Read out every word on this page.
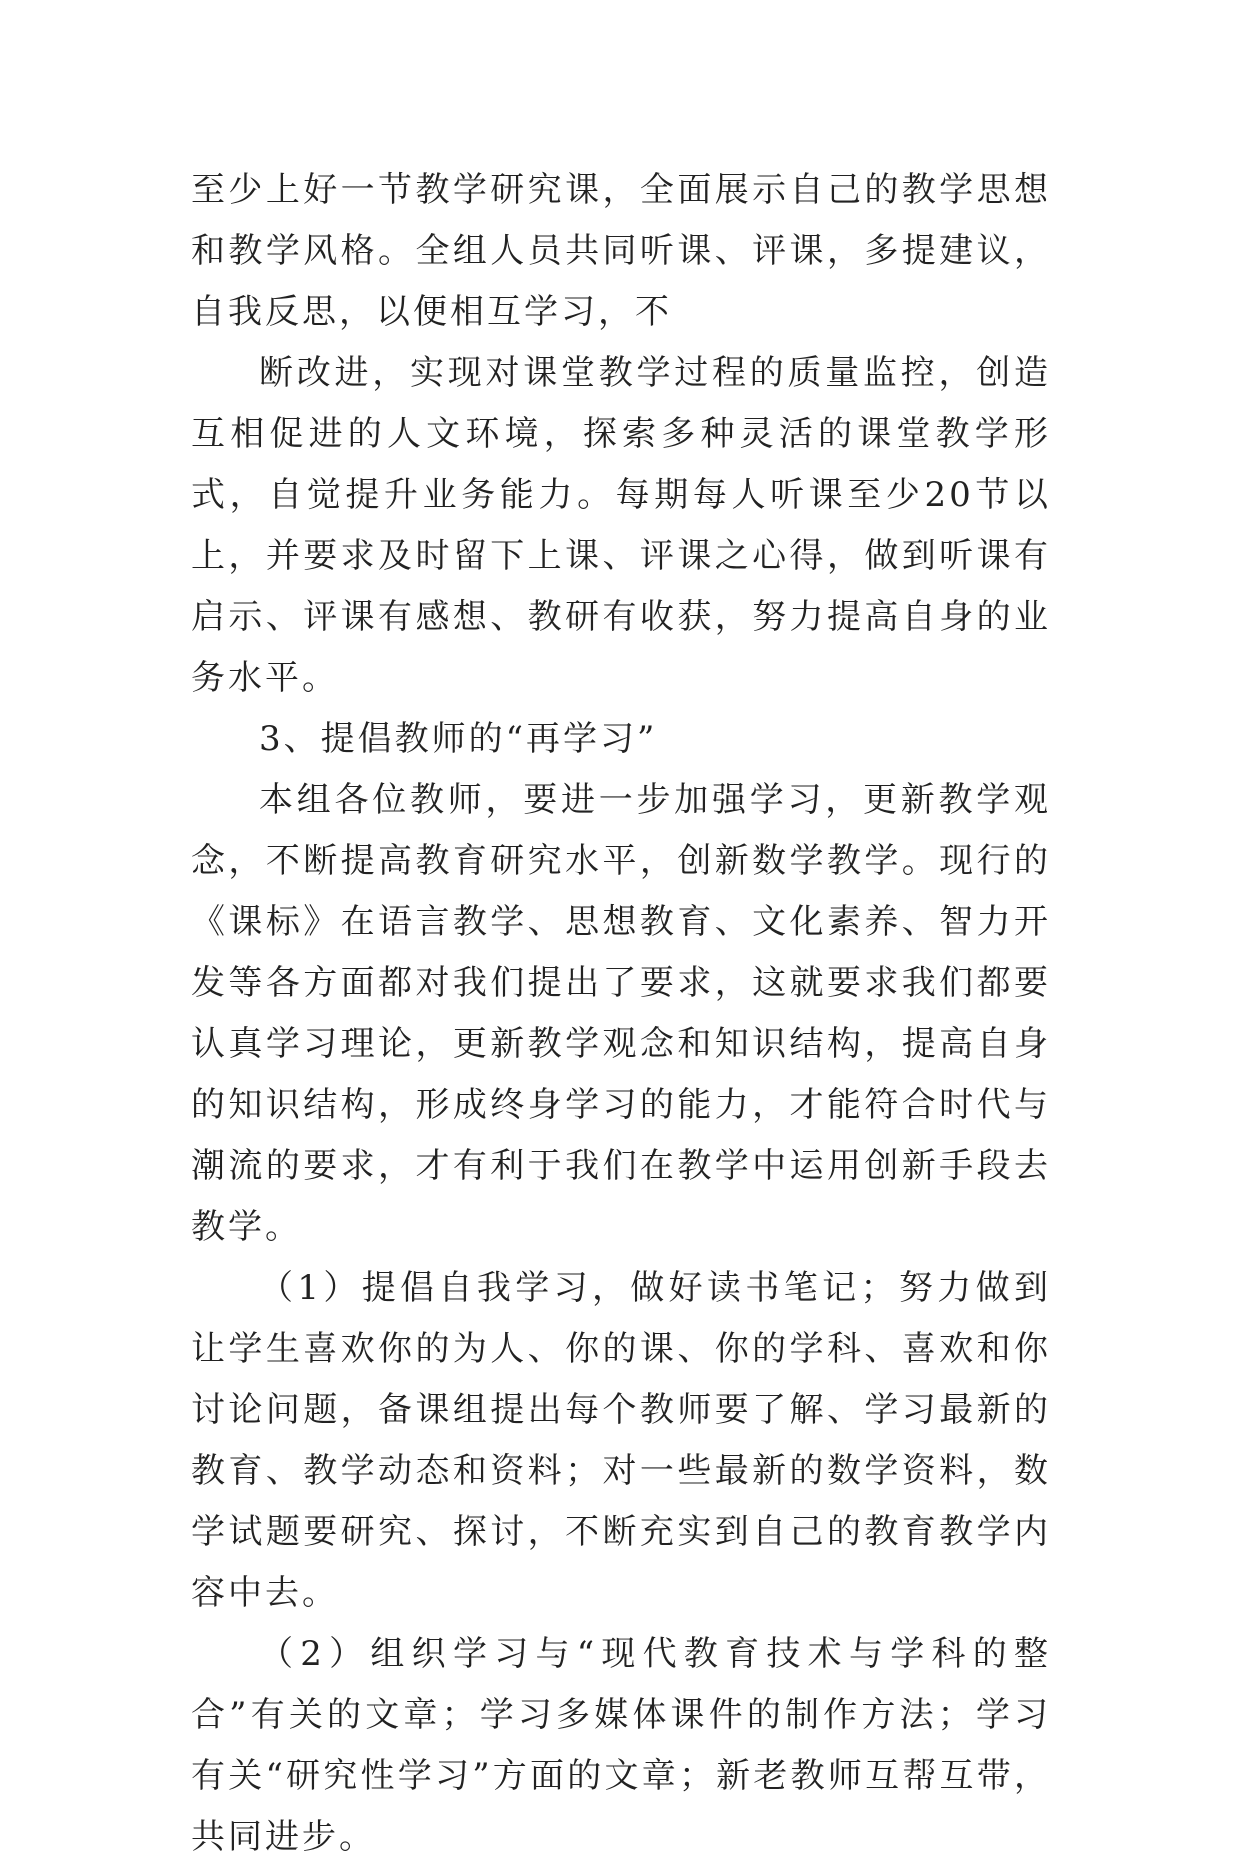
至少上好一节教学研究课，全面展示自己的教学思想和教学风格。全组人员共同听课、评课，多提建议，自我反思，以便相互学习，不

断改进，实现对课堂教学过程的质量监控，创造互相促进的人文环境，探索多种灵活的课堂教学形式，自觉提升业务能力。每期每人听课至少20节以上，并要求及时留下上课、评课之心得，做到听课有启示、评课有感想、教研有收获，努力提高自身的业务水平。

3、提倡教师的“再学习”

本组各位教师，要进一步加强学习，更新教学观念，不断提高教育研究水平，创新数学教学。现行的《课标》在语言教学、思想教育、文化素养、智力开发等各方面都对我们提出了要求，这就要求我们都要认真学习理论，更新教学观念和知识结构，提高自身的知识结构，形成终身学习的能力，才能符合时代与潮流的要求，才有利于我们在教学中运用创新手段去教学。

（1）提倡自我学习，做好读书笔记；努力做到让学生喜欢你的为人、你的课、你的学科、喜欢和你讨论问题，备课组提出每个教师要了解、学习最新的教育、教学动态和资料；对一些最新的数学资料，数学试题要研究、探讨，不断充实到自己的教育教学内容中去。

（2）组织学习与“现代教育技术与学科的整合”有关的文章；学习多媒体课件的制作方法；学习有关“研究性学习”方面的文章；新老教师互帮互带，共同进步。
